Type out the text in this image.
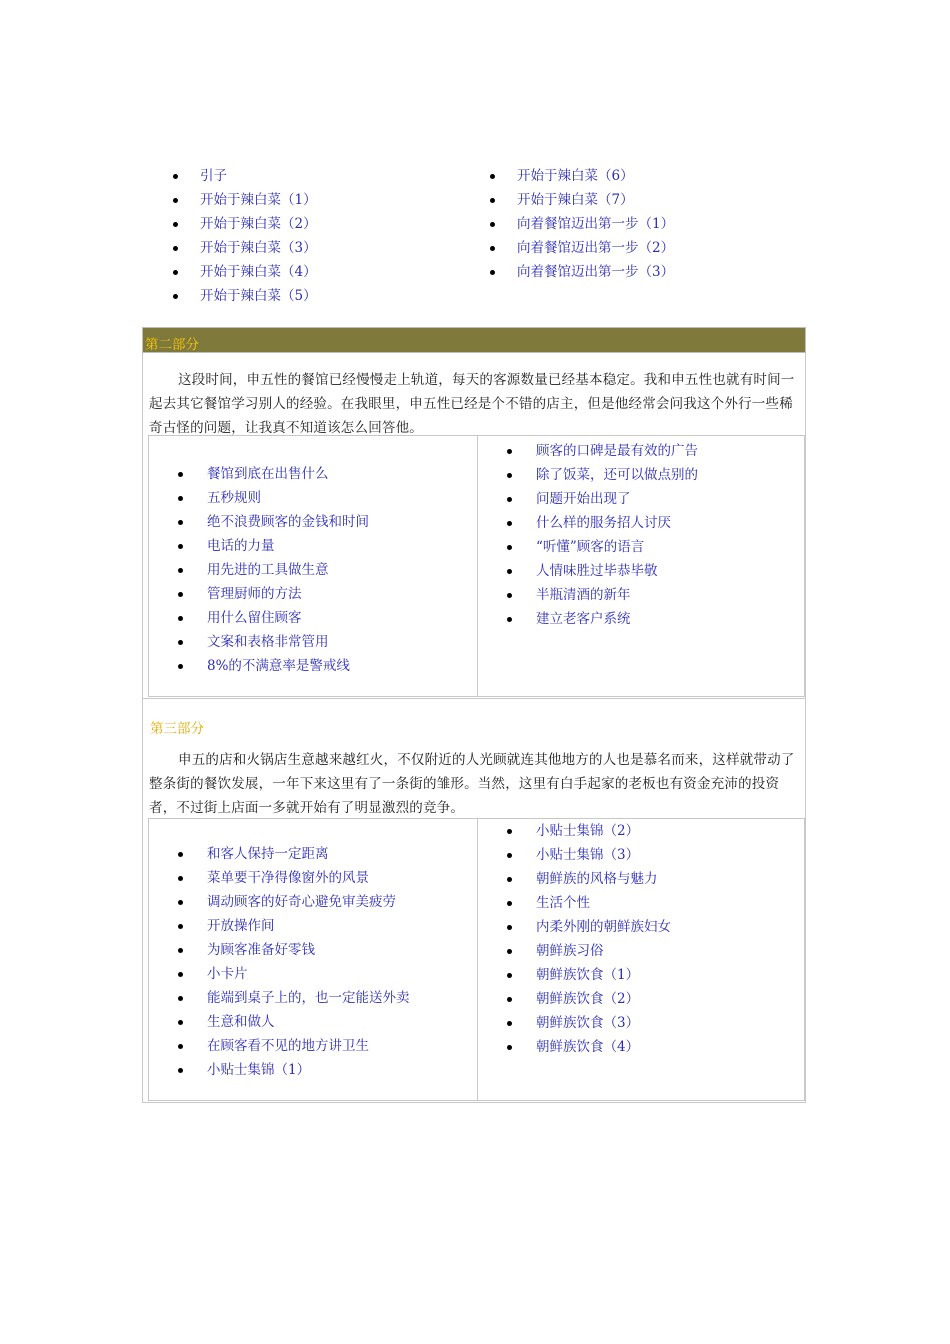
引子
开始于辣白菜（1）
开始于辣白菜（2）
开始于辣白菜（3）
开始于辣白菜（4）
开始于辣白菜（5）
开始于辣白菜（6）
开始于辣白菜（7）
向着餐馆迈出第一步（1）
向着餐馆迈出第一步（2）
向着餐馆迈出第一步（3）
第二部分
这段时间，申五性的餐馆已经慢慢走上轨道，每天的客源数量已经基本稳定。我和申五性也就有时间一起去其它餐馆学习别人的经验。在我眼里，申五性已经是个不错的店主，但是他经常会问我这个外行一些稀奇古怪的问题，让我真不知道该怎么回答他。
餐馆到底在出售什么
五秒规则
绝不浪费顾客的金钱和时间
电话的力量
用先进的工具做生意
管理厨师的方法
用什么留住顾客
文案和表格非常管用
8%的不满意率是警戒线
顾客的口碑是最有效的广告
除了饭菜，还可以做点别的
问题开始出现了
什么样的服务招人讨厌
“听懂”顾客的语言
人情味胜过毕恭毕敬
半瓶清酒的新年
建立老客户系统
第三部分
申五的店和火锅店生意越来越红火，不仅附近的人光顾就连其他地方的人也是慕名而来，这样就带动了整条街的餐饮发展，一年下来这里有了一条街的雏形。当然，这里有白手起家的老板也有资金充沛的投资者，不过街上店面一多就开始有了明显激烈的竞争。
和客人保持一定距离
菜单要干净得像窗外的风景
调动顾客的好奇心避免审美疲劳
开放操作间
为顾客准备好零钱
小卡片
能端到桌子上的，也一定能送外卖
生意和做人
在顾客看不见的地方讲卫生
小贴士集锦（1）
小贴士集锦（2）
小贴士集锦（3）
朝鲜族的风格与魅力
生活个性
内柔外刚的朝鲜族妇女
朝鲜族习俗
朝鲜族饮食（1）
朝鲜族饮食（2）
朝鲜族饮食（3）
朝鲜族饮食（4）
